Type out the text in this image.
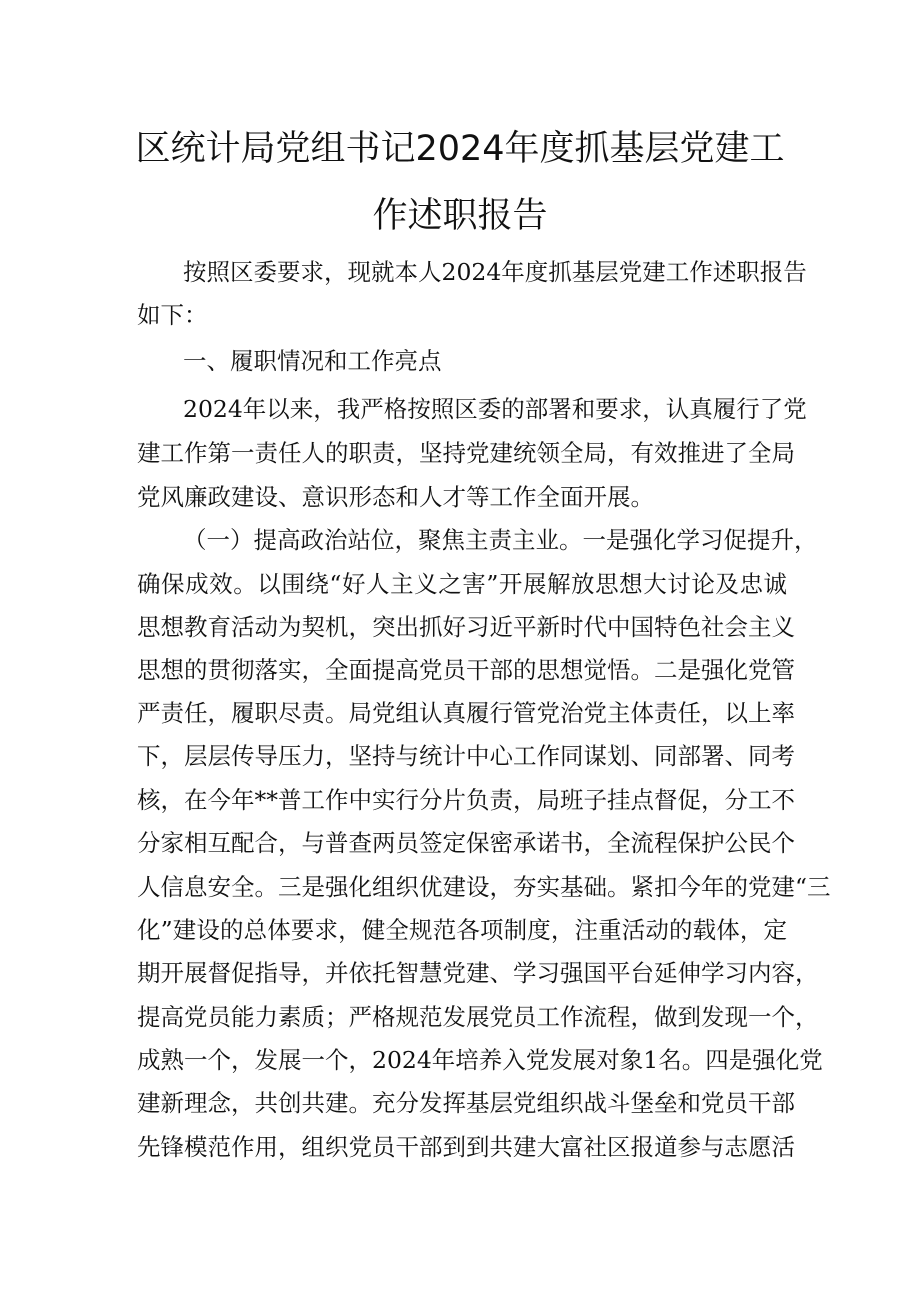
区统计局党组书记2024年度抓基层党建工
作述职报告
按照区委要求，现就本人2024年度抓基层党建工作述职报告
如下：
一、履职情况和工作亮点
2024年以来，我严格按照区委的部署和要求，认真履行了党
建工作第一责任人的职责，坚持党建统领全局，有效推进了全局
党风廉政建设、意识形态和人才等工作全面开展。
（一）提高政治站位，聚焦主责主业。一是强化学习促提升，
确保成效。以围绕“好人主义之害”开展解放思想大讨论及忠诚
思想教育活动为契机，突出抓好习近平新时代中国特色社会主义
思想的贯彻落实，全面提高党员干部的思想觉悟。二是强化党管
严责任，履职尽责。局党组认真履行管党治党主体责任，以上率
下，层层传导压力，坚持与统计中心工作同谋划、同部署、同考
核，在今年**普工作中实行分片负责，局班子挂点督促，分工不
分家相互配合，与普查两员签定保密承诺书，全流程保护公民个
人信息安全。三是强化组织优建设，夯实基础。紧扣今年的党建“三
化”建设的总体要求，健全规范各项制度，注重活动的载体，定
期开展督促指导，并依托智慧党建、学习强国平台延伸学习内容，
提高党员能力素质；严格规范发展党员工作流程，做到发现一个，
成熟一个，发展一个，2024年培养入党发展对象1名。四是强化党
建新理念，共创共建。充分发挥基层党组织战斗堡垒和党员干部
先锋模范作用，组织党员干部到到共建大富社区报道参与志愿活
